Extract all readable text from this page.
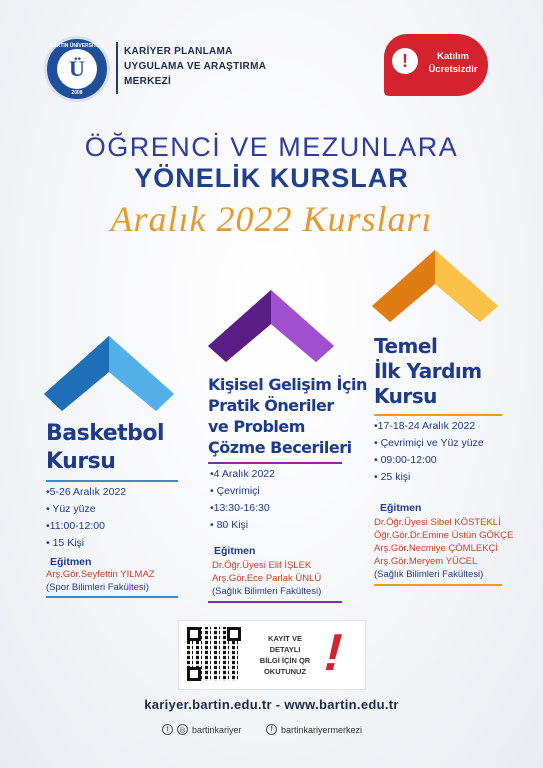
BARTIN ÜNİVERSİTESİ
Ü
2008
KARİYER PLANLAMA
UYGULAMA VE ARAŞTIRMA
MERKEZİ
!	Katılım
Ücretsizdir
ÖĞRENCİ VE MEZUNLARA
YÖNELİK KURSLAR
Aralık 2022 Kursları
Basketbol
Kursu
•5-26 Aralık 2022
• Yüz yüze
•11:00-12:00
• 15 Kişi
Eğitmen
Arş.Gör.Seyfettin YILMAZ
(Spor Bilimleri Fakültesi)
Kişisel Gelişim İçin
Pratik Öneriler
ve Problem
Çözme Becerileri
•4 Aralık 2022
• Çevrimiçi
•13:30-16:30
• 80 Kişi
Eğitmen
Dr.Öğr.Üyesi Elif İŞLEK
Arş.Gör.Ece Parlak ÜNLÜ
(Sağlık Bilimleri Fakültesi)
Temel
İlk Yardım
Kursu
•17-18-24 Aralık 2022
• Çevrimiçi ve Yüz yüze
• 09:00-12:00
• 25 kişi
Eğitmen
Dr.Öğr.Üyesi Sibel KÖSTEKLİ
Öğr.Gör.Dr.Emine Üstün GÖKÇE
Arş.Gör.Necmiye ÇÖMLEKÇİ
Arş.Gör.Meryem YÜCEL
(Sağlık Bilimleri Fakültesi)
KAYIT VE DETAYLI
BİLGİ İÇİN QR
OKUTUNUZ !
kariyer.bartin.edu.tr - www.bartin.edu.tr
t	◎ bartinkariyer	f bartinkariyermerkezi
